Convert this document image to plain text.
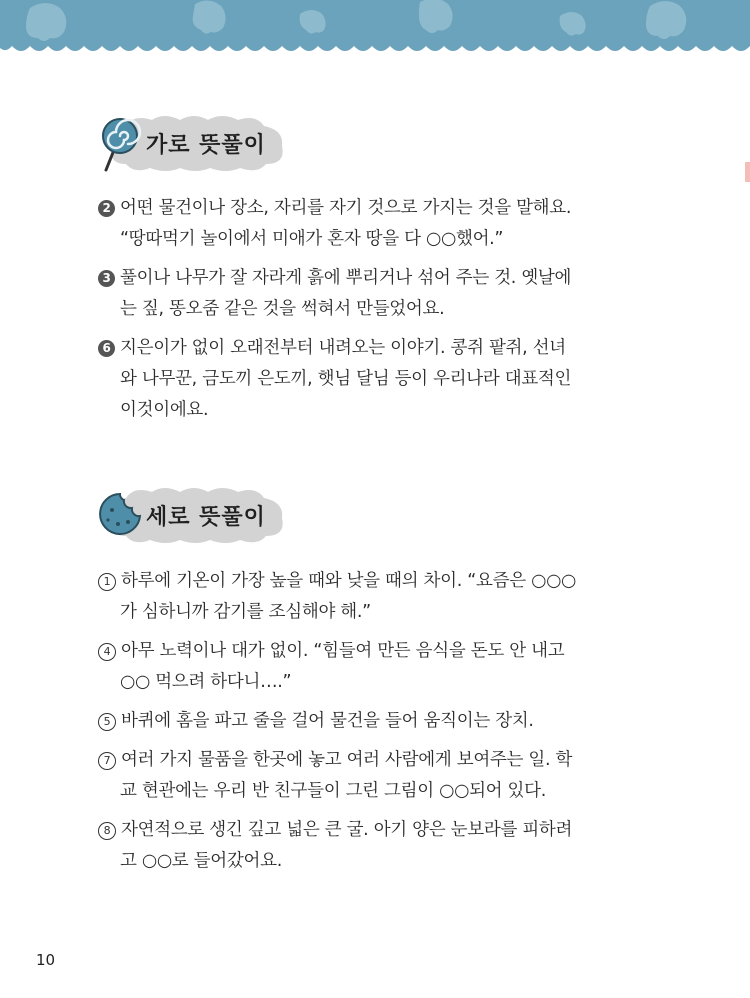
가로 뜻풀이

2 어떤 물건이나 장소, 자리를 자기 것으로 가지는 것을 말해요.

“땅따먹기 놀이에서 미애가 혼자 땅을 다 ○○했어.”

3 풀이나 나무가 잘 자라게 흙에 뿌리거나 섞어 주는 것. 옛날에

는 짚, 똥오줌 같은 것을 썩혀서 만들었어요.

6 지은이가 없이 오래전부터 내려오는 이야기. 콩쥐 팥쥐, 선녀

와 나무꾼, 금도끼 은도끼, 햇님 달님 등이 우리나라 대표적인

이것이에요.

세로 뜻풀이

1 하루에 기온이 가장 높을 때와 낮을 때의 차이. “요즘은 ○○○

가 심하니까 감기를 조심해야 해.”

4 아무 노력이나 대가 없이. “힘들여 만든 음식을 돈도 안 내고

○○ 먹으려 하다니….”

5 바퀴에 홈을 파고 줄을 걸어 물건을 들어 움직이는 장치.

7 여러 가지 물품을 한곳에 놓고 여러 사람에게 보여주는 일. 학

교 현관에는 우리 반 친구들이 그린 그림이 ○○되어 있다.

8 자연적으로 생긴 깊고 넓은 큰 굴. 아기 양은 눈보라를 피하려

고 ○○로 들어갔어요.

10
